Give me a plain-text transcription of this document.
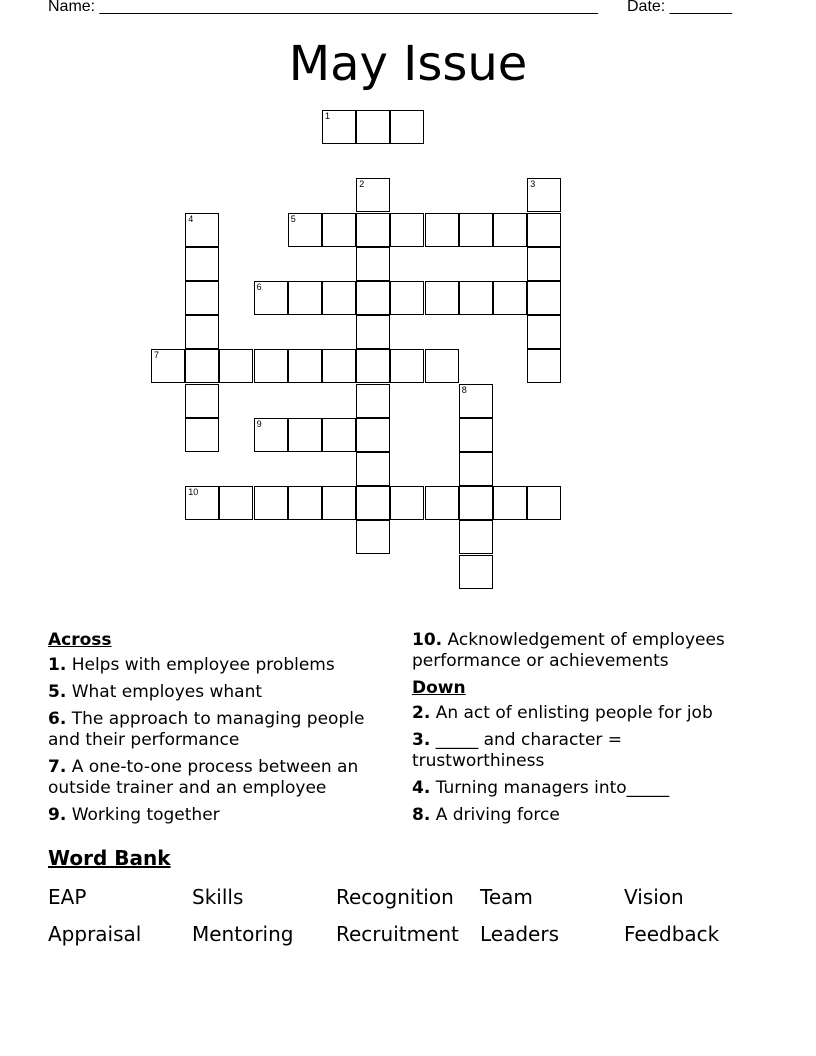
Name: ________________________________________________________ Date: _______
May Issue
1
2	3
4	5
6
7
8
9
10
Across
1. Helps with employee problems
5. What employes whant
6. The approach to managing people and their performance
7. A one-to-one process between an outside trainer and an employee
9. Working together
10. Acknowledgement of employees performance or achievements
Down
2. An act of enlisting people for job
3. _____ and character = trustworthiness
4. Turning managers into_____
8. A driving force
Word Bank
EAP	Skills	Recognition Team	Vision
Appraisal	Mentoring Recruitment Leaders	Feedback
